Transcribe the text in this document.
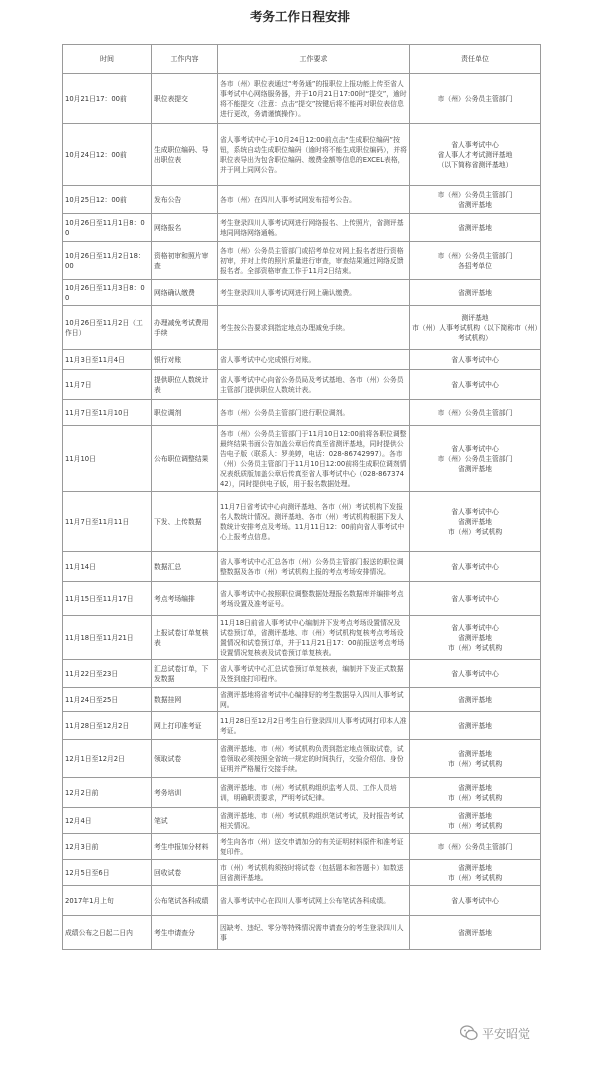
考务工作日程安排
时间	工作内容	工作要求	责任单位
10月21日17：00前	职位表提交	各市（州）职位表通过“考务通”的报职位上报功能上传至省人事考试中心网络服务器，并于10月21日17:00时“提交”，逾时将不能提交（注意：点击“提交”按键后将不能再对职位表信息进行更改，务请谨慎操作）。	市（州）公务员主管部门
10月24日12：00前	生成职位编码、导出职位表	省人事考试中心于10月24日12:00前点击“生成职位编码”按钮，系统自动生成职位编码（逾时将不能生成职位编码），并将职位表导出为包含职位编码、缴费金额等信息的EXCEL表格，并于网上同网公告。	省人事考试中心
省人事人才考试测评基地
（以下简称省测评基地）
10月25日12：00前	发布公告	各市（州）在四川人事考试网发布招考公告。	市（州）公务员主管部门
省测评基地
10月26日至11月1日8：00	网络报名	考生登录四川人事考试网进行网络报名、上传照片，省测评基地同网络网络通畅。	省测评基地
10月26日至11月2日18：00	资格初审和照片审查	各市（州）公务员主管部门或招考单位对网上报名者进行资格初审，并对上传的照片质量进行审查，审查结果通过网络反馈报名者。全部资格审查工作于11月2日结束。	市（州）公务员主管部门
各招考单位
10月26日至11月3日8：00	网络确认缴费	考生登录四川人事考试网进行网上确认缴费。	省测评基地
10月26日至11月2日（工作日）	办理减免考试费用手续	考生按公告要求到指定地点办理减免手续。	测评基地
市（州）人事考试机构（以下简称市（州）考试机构）
11月3日至11月4日	银行对账	省人事考试中心完成银行对账。	省人事考试中心
11月7日	提供职位人数统计表	省人事考试中心向省公务员局及考试基地、各市（州）公务员主管部门提供职位人数统计表。	省人事考试中心
11月7日至11月10日	职位调剂	各市（州）公务员主管部门进行职位调剂。	市（州）公务员主管部门
11月10日	公布职位调整结果	各市（州）公务员主管部门于11月10日12:00前将各职位调整最终结果书面公告加盖公章后传真至省测评基地，同时提供公告电子版（联系人：罗美婷，电话：028-86742997）。各市（州）公务员主管部门于11月10日12:00前将生成职位调剂情况表纸质版加盖公章后传真至省人事考试中心（028-86737442），同时提供电子版，用于报名数据处理。	省人事考试中心
市（州）公务员主管部门
省测评基地
11月7日至11月11日	下发、上传数据	11月7日省考试中心向测评基地、各市（州）考试机构下发报名人数统计情况。测评基地、各市（州）考试机构根据下发人数统计安排考点及考场。11月11日12：00前向省人事考试中心上报考点信息。	省人事考试中心
省测评基地
市（州）考试机构
11月14日	数据汇总	省人事考试中心汇总各市（州）公务员主管部门报送的职位调整数据及各市（州）考试机构上报的考点考场安排情况。	省人事考试中心
11月15日至11月17日	考点考场编排	省人事考试中心按照职位调整数据处理报名数据库并编排考点考场设置及准考证号。	省人事考试中心
11月18日至11月21日	上报试卷订单复核表	11月18日前省人事考试中心编制并下发考点考场设置情况及试卷预订单，省测评基地、市（州）考试机构复核考点考场设置情况和试卷预订单，并于11月21日17：00前报送考点考场设置情况复核表及试卷预订单复核表。	省人事考试中心
省测评基地
市（州）考试机构
11月22日至23日	汇总试卷订单，下发数据	省人事考试中心汇总试卷预订单复核表，编制并下发正式数据及签到座打印程序。	省人事考试中心
11月24日至25日	数据挂网	省测评基地将省考试中心编排好的考生数据导入四川人事考试网。	省测评基地
11月28日至12月2日	网上打印准考证	11月28日至12月2日考生自行登录四川人事考试网打印本人准考证。	省测评基地
12月1日至12月2日	领取试卷	省测评基地、市（州）考试机构负责到指定地点领取试卷，试卷领取必须按照全省统一规定的时间执行，交验介绍信、身份证明并严格履行交接手续。	省测评基地
市（州）考试机构
12月2日前	考务培训	省测评基地、市（州）考试机构组织监考人员、工作人员培训，明确职责要求，严明考试纪律。	省测评基地
市（州）考试机构
12月4日	笔试	省测评基地、市（州）考试机构组织笔试考试，及时报告考试相关情况。	省测评基地
市（州）考试机构
12月3日前	考生申报加分材料	考生向各市（州）送交申请加分的有关证明材料原件和准考证复印件。	市（州）公务员主管部门
12月5日至6日	回收试卷	市（州）考试机构须按时将试卷（包括题本和答题卡）如数送回省测评基地。	省测评基地
市（州）考试机构
2017年1月上旬	公布笔试各科成绩	省人事考试中心在四川人事考试网上公布笔试各科成绩。	省人事考试中心
成绩公布之日起二日内	考生申请查分	因缺考、违纪、零分等特殊情况需申请查分的考生登录四川人事	省测评基地
平安昭觉
